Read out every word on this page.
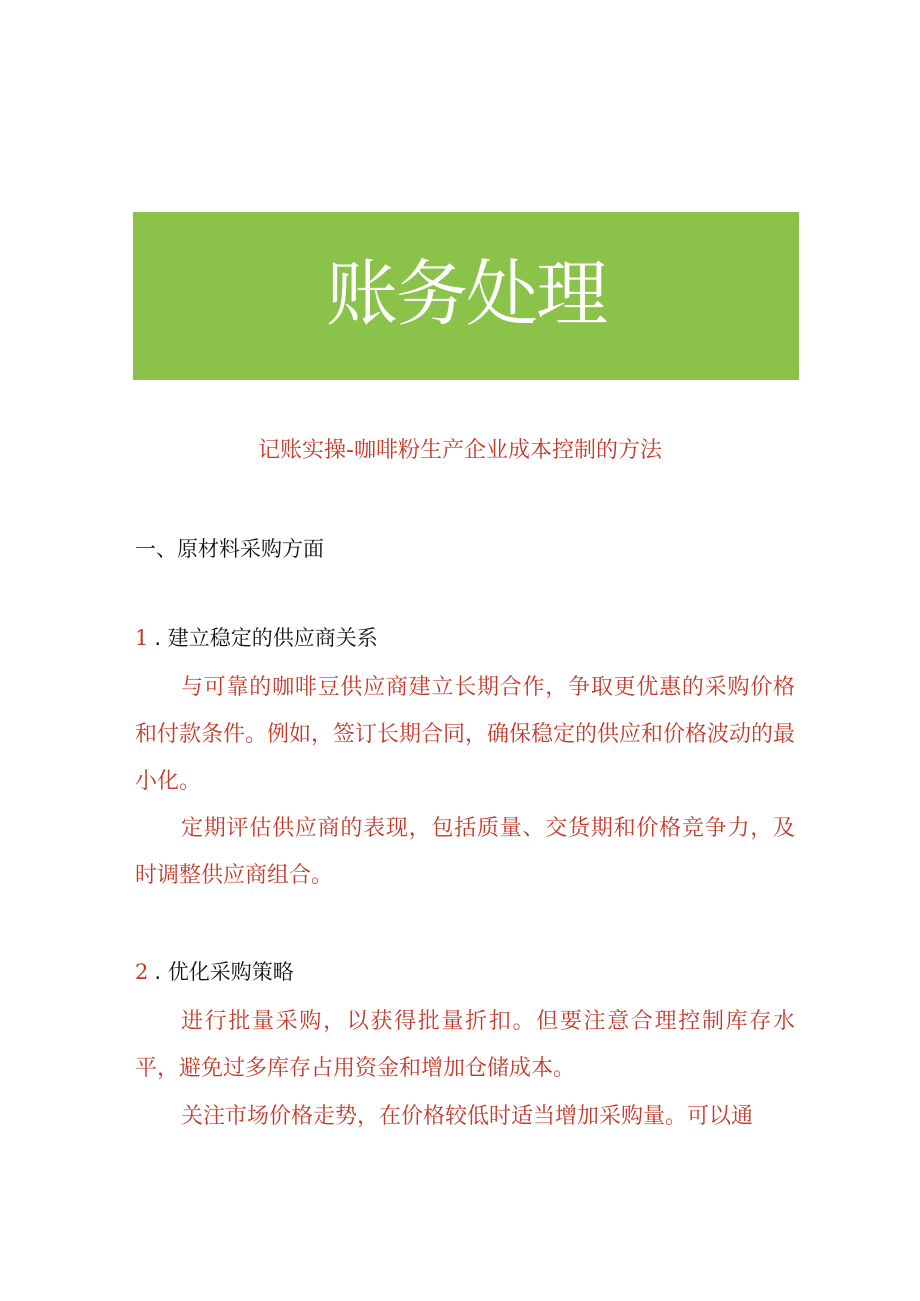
账务处理
记账实操-咖啡粉生产企业成本控制的方法
一、原材料采购方面
1 . 建立稳定的供应商关系

与可靠的咖啡豆供应商建立长期合作，争取更优惠的采购价格和付款条件。例如，签订长期合同，确保稳定的供应和价格波动的最小化。

定期评估供应商的表现，包括质量、交货期和价格竞争力，及时调整供应商组合。

2 . 优化采购策略

进行批量采购，以获得批量折扣。但要注意合理控制库存水平，避免过多库存占用资金和增加仓储成本。

关注市场价格走势，在价格较低时适当增加采购量。可以通
